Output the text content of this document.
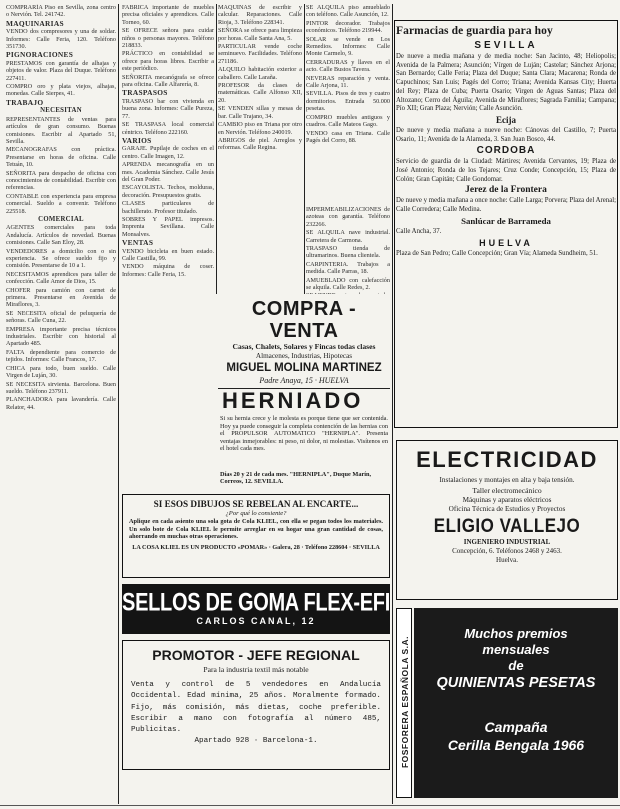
COMPRARÍA Piso en Sevilla, zona centro o Nervión. Tel. 241742.

MAQUINARIAS

VENDO dos compresores y una de soldar. Informes: Calle Feria, 120. Teléfono 351730.

PIGNORACIONES

PRESTAMOS con garantía de alhajas y objetos de valor. Plaza del Duque. Teléfono 227411.

COMPRO oro y plata viejos, alhajas, monedas. Calle Sierpes, 41.

TRABAJO

NECESITAN

REPRESENTANTES de ventas para artículos de gran consumo. Buenas comisiones. Escribir al Apartado 51, Sevilla.

MECANOGRAFAS con práctica. Presentarse en horas de oficina. Calle Tetuán, 10.

SEÑORITA para despacho de oficina con conocimientos de contabilidad. Escribir con referencias.

CONTABLE con experiencia para empresa comercial. Sueldo a convenir. Teléfono 225518.

COMERCIAL

AGENTES comerciales para toda Andalucía. Artículos de novedad. Buenas comisiones. Calle San Eloy, 28.

VENDEDORES a domicilio con o sin experiencia. Se ofrece sueldo fijo y comisión. Presentarse de 10 a 1.

NECESITAMOS aprendices para taller de confección. Calle Amor de Dios, 15.

CHOFER para camión con carnet de primera. Presentarse en Avenida de Miraflores, 3.

SE NECESITA oficial de peluquería de señoras. Calle Cuna, 22.

EMPRESA importante precisa técnicos industriales. Escribir con historial al Apartado 485.

FALTA dependiente para comercio de tejidos. Informes: Calle Francos, 17.

CHICA para todo, buen sueldo. Calle Virgen de Luján, 30.

SE NECESITA sirvienta. Barcelona. Buen sueldo. Teléfono 237911.

PLANCHADORA para lavandería. Calle Relator, 44.

FABRICA importante de muebles precisa oficiales y aprendices. Calle Torneo, 60.

SE OFRECE señora para cuidar niños o personas mayores. Teléfono 218833.

PRÁCTICO en contabilidad se ofrece para horas libres. Escribir a este periódico.

SEÑORITA mecanógrafa se ofrece para oficina. Calle Alfarería, 8.

TRASPASOS

TRASPASO bar con vivienda en buena zona. Informes: Calle Pureza, 77.

SE TRASPASA local comercial céntrico. Teléfono 222160.

VARIOS

GARAJE. Pupilaje de coches en el centro. Calle Imagen, 12.

APRENDA mecanografía en un mes. Academia Sánchez. Calle Jesús del Gran Poder.

ESCAYOLISTA. Techos, molduras, decoración. Presupuestos gratis.

CLASES particulares de bachillerato. Profesor titulado.

SOBRES Y PAPEL impresos. Imprenta Sevillana. Calle Monsalves.

VENTAS

VENDO bicicleta en buen estado. Calle Castilla, 99.

VENDO máquina de coser. Informes: Calle Feria, 15.

MAQUINAS de escribir y calcular. Reparaciones. Calle Rioja, 3. Teléfono 228341.

SEÑORA se ofrece para limpieza por horas. Calle Santa Ana, 5.

PARTICULAR vende coche seminuevo. Facilidades. Teléfono 271186.

ALQUILO habitación exterior a caballero. Calle Laraña.

PROFESOR da clases de matemáticas. Calle Alfonso XII, 20.

SE VENDEN sillas y mesas de bar. Calle Trajano, 34.

CAMBIO piso en Triana por otro en Nervión. Teléfono 240019.

ABRIGOS de piel. Arreglos y reformas. Calle Regina.

SE ALQUILA piso amueblado con teléfono. Calle Asunción, 12.

PINTOR decorador. Trabajos económicos. Teléfono 219944.

SOLAR se vende en Los Remedios. Informes: Calle Monte Carmelo, 9.

CERRADURAS y llaves en el acto. Calle Bustos Tavera.

NEVERAS reparación y venta. Calle Arjona, 11.

SEVILLA. Pisos de tres y cuatro dormitorios. Entrada 50.000 pesetas.

COMPRO muebles antiguos y cuadros. Calle Mateos Gago.

VENDO casa en Triana. Calle Pagés del Corro, 88.

IMPERMEABILIZACIONES de azoteas con garantía. Teléfono 232266.

SE ALQUILA nave industrial. Carretera de Carmona.

TRASPASO tienda de ultramarinos. Buena clientela.

CARPINTERIA. Trabajos a medida. Calle Parras, 18.

AMUEBLADO con calefacción se alquila. Calle Redes, 2.

COMPRA - VENTA
Casas, Chalets, Solares y Fincas todas clases
Almacenes, Industrias, Hipotecas
MIGUEL MOLINA MARTINEZ
Padre Anaya, 15 · HUELVA
HERNIADO
Si su hernia crece y le molesta es porque tiene que ser contenida. Hoy ya puede conseguir la completa contención de las hernias con el PROPULSOR AUTOMATICO "HERNIPLA". Presenta ventajas inmejorables: ni peso, ni dolor, ni molestias. Visítenos en el hotel cada mes.
Días 20 y 21 de cada mes. "HERNIPLA", Duque Marín, Correos, 12. SEVILLA.
SI ESOS DIBUJOS SE REBELAN AL ENCARTE...
¿Por qué lo consiente?
Aplique en cada asiento una sola gota de Cola KLIEL, con ella se pegan todos los materiales. Un solo bote de Cola KLIEL le permite arreglar en su hogar una gran cantidad de cosas, ahorrando en muchas otras operaciones.
LA COSA KLIEL ES UN PRODUCTO «POMAR» · Galera, 28 · Teléfono 228604 · SEVILLA
SELLOS DE GOMA FLEX-EFI
CARLOS CANAL, 12
PROMOTOR - JEFE REGIONAL
Para la industria textil más notable
Venta y control de 5 vendedores en Andalucía Occidental. Edad mínima, 25 años. Moralmente formado. Fijo, más comisión, más dietas, coche preferible. Escribir a mano con fotografía al número 485, Publicitas.
Apartado 928 · Barcelona-1.
Farmacias de guardia para hoy
SEVILLA
De nueve a media mañana y de media noche: San Jacinto, 48; Heliopolis; Avenida de la Palmera; Asunción; Vírgen de Luján; Castelar; Sánchez Arjona; San Bernardo; Calle Feria; Plaza del Duque; Santa Clara; Macarena; Ronda de Capuchinos; San Luis; Pagés del Corro; Triana; Avenida Kansas City; Huerta del Rey; Plaza de Cuba; Puerta Osario; Virgen de Aguas Santas; Plaza del Altozano; Cerro del Águila; Avenida de Miraflores; Sagrada Familia; Campana; Pío XII; Gran Plaza; Nervión; Calle Asunción.
Ecija
De nueve y media mañana a nueve noche: Cánovas del Castillo, 7; Puerta Osario, 11; Avenida de la Alameda, 3. San Juan Bosco, 44.
CORDOBA
Servicio de guardia de la Ciudad: Mártires; Avenida Cervantes, 19; Plaza de José Antonio; Ronda de los Tejares; Cruz Conde; Concepción, 15; Plaza de Colón; Gran Capitán; Calle Gondomar.
Jerez de la Frontera
De nueve y media mañana a once noche: Calle Larga; Porvera; Plaza del Arenal; Calle Corredera; Calle Medina.
Sanlúcar de Barrameda
Calle Ancha, 37.
HUELVA
Plaza de San Pedro; Calle Concepción; Gran Vía; Alameda Sundheim, 51.
ELECTRICIDAD
Instalaciones y montajes en alta y baja tensión.
Taller electromecánico
Máquinas y aparatos eléctricos
Oficina Técnica de Estudios y Proyectos
ELIGIO VALLEJO
INGENIERO INDUSTRIAL
Concepción, 6. Teléfonos 2468 y 2463.
Huelva.
FOSFORERA ESPAÑOLA S.A.
Muchos premios
mensuales
de
QUINIENTAS PESETAS
Campaña
Cerilla Bengala 1966
